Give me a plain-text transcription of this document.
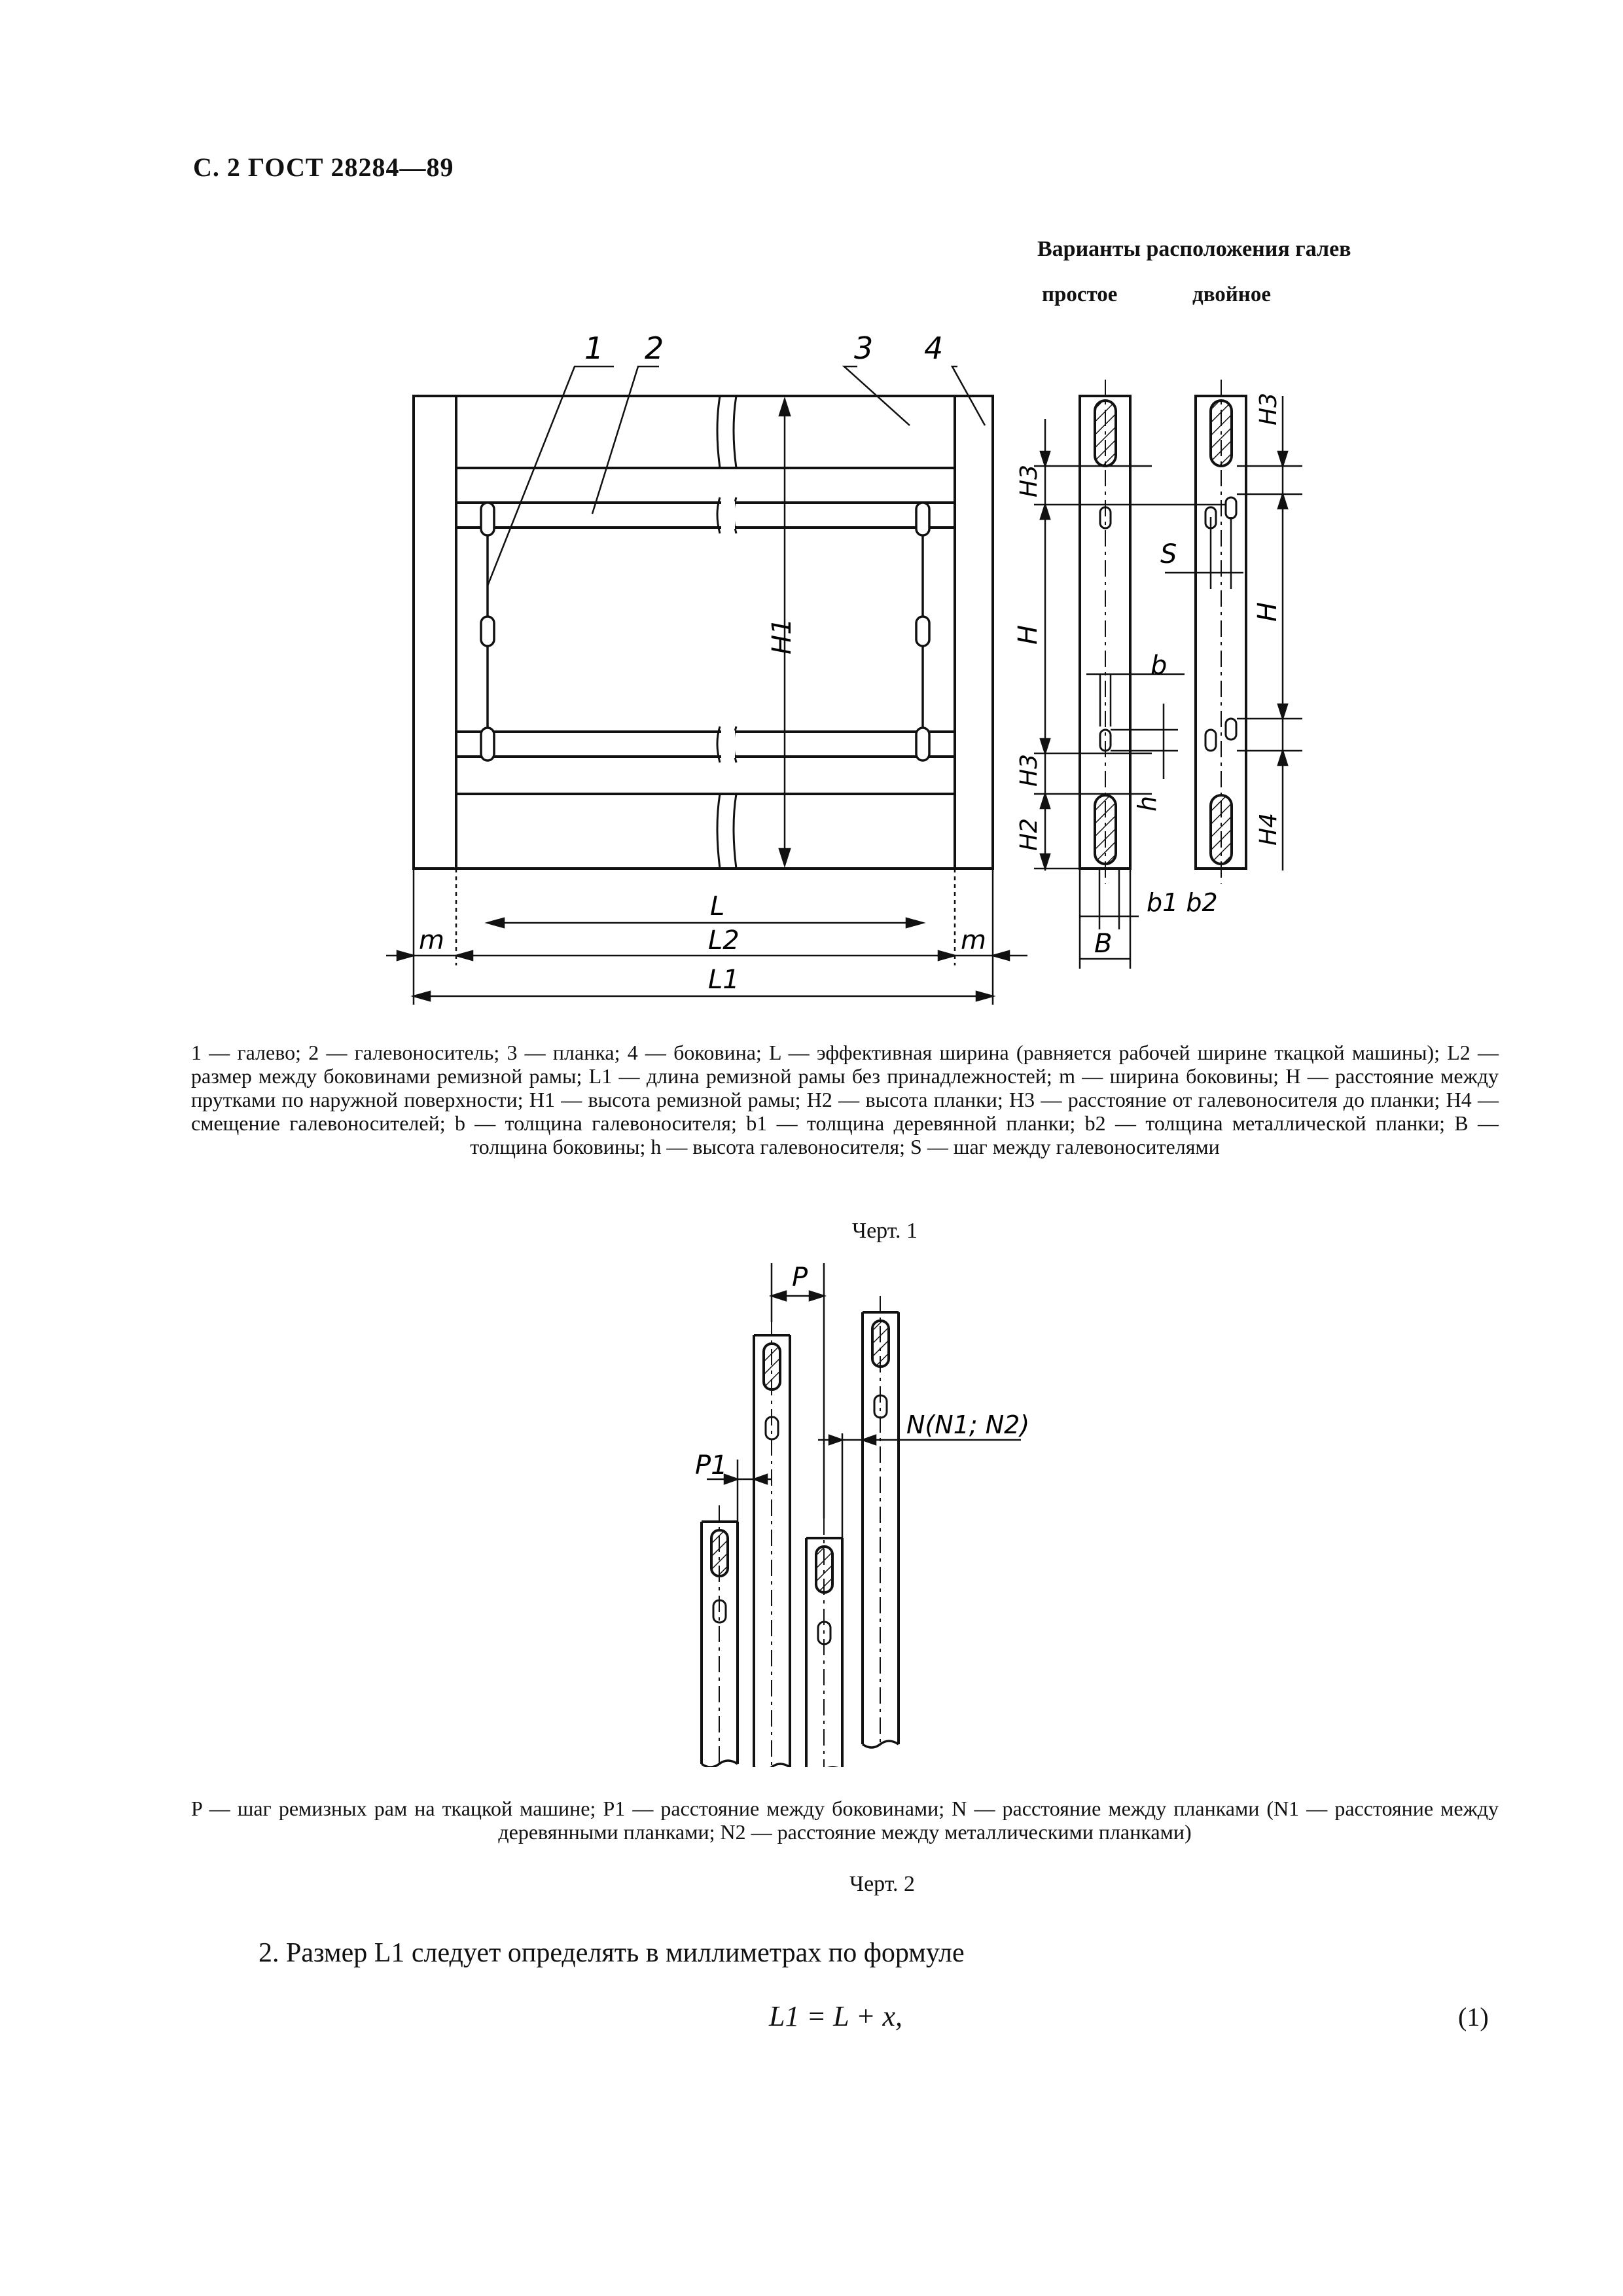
С. 2 ГОСТ 28284—89
Варианты расположения галев
простое	двойное
1 2	3 4
H1
L
L2
L1
m	m
H3
H
H3
H2
b
h
b1 b2
B
H3
H
H4
S
1 — галево; 2 — галевоноситель; 3 — планка; 4 — боковина; L — эффективная ширина (равняется рабочей ширине ткацкой машины); L2 — размер между боковинами ремизной рамы; L1 — длина ремизной рамы без принадлежностей; m — ширина боковины; H — расстояние между прутками по наружной поверхности; H1 — высота ремизной рамы; H2 — высота планки; H3 — расстояние от галевоносителя до планки; H4 — смещение галевоносителей; b — толщина галевоносителя; b1 — толщина деревянной планки; b2 — толщина металлической планки; B — толщина боковины; h — высота галевоносителя; S — шаг между галевоносителями
Черт. 1
P
P1
N(N1; N2)
P — шаг ремизных рам на ткацкой машине; P1 — расстояние между боковинами; N — расстояние между планками (N1 — расстояние между деревянными планками; N2 — расстояние между металлическими планками)
Черт. 2
2. Размер L1 следует определять в миллиметрах по формуле
L1 = L + x,	(1)
